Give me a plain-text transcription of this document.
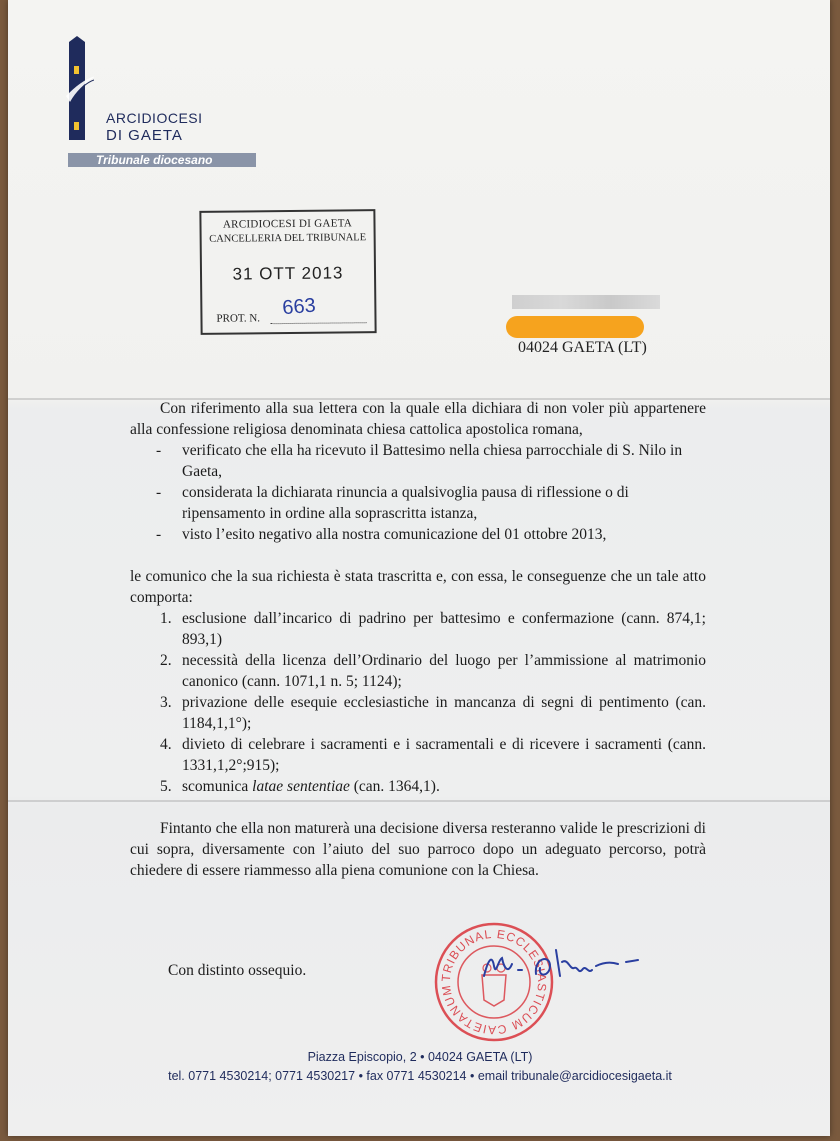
ARCIDIOCESI
DI GAETA
Tribunale diocesano
ARCIDIOCESI DI GAETA
CANCELLERIA DEL TRIBUNALE
31 OTT 2013
PROT. N. 663
04024 GAETA (LT)

Con riferimento alla sua lettera con la quale ella dichiara di non voler più appartenere alla confessione religiosa denominata chiesa cattolica apostolica romana,

- verificato che ella ha ricevuto il Battesimo nella chiesa parrocchiale di S. Nilo in Gaeta,
- considerata la dichiarata rinuncia a qualsivoglia pausa di riflessione o di ripensamento in ordine alla soprascritta istanza,
- visto l’esito negativo alla nostra comunicazione del 01 ottobre 2013,

le comunico che la sua richiesta è stata trascritta e, con essa, le conseguenze che un tale atto comporta:

1. esclusione dall’incarico di padrino per battesimo e confermazione (cann. 874,1; 893,1)
2. necessità della licenza dell’Ordinario del luogo per l’ammissione al matrimonio canonico (cann. 1071,1 n. 5; 1124);
3. privazione delle esequie ecclesiastiche in mancanza di segni di pentimento (can. 1184,1,1°);
4. divieto di celebrare i sacramenti e i sacramentali e di ricevere i sacramenti (cann. 1331,1,2°;915);
5. scomunica latae sententiae (can. 1364,1).

Fintanto che ella non maturerà una decisione diversa resteranno valide le prescrizioni di cui sopra, diversamente con l’aiuto del suo parroco dopo un adeguato percorso, potrà chiedere di essere riammesso alla piena comunione con la Chiesa.

Con distinto ossequio.	TRIBUNAL ECCLESIASTICUM CAIETANUM
Piazza Episcopio, 2 • 04024 GAETA (LT)
tel. 0771 4530214; 0771 4530217 • fax 0771 4530214 • email tribunale@arcidiocesigaeta.it
